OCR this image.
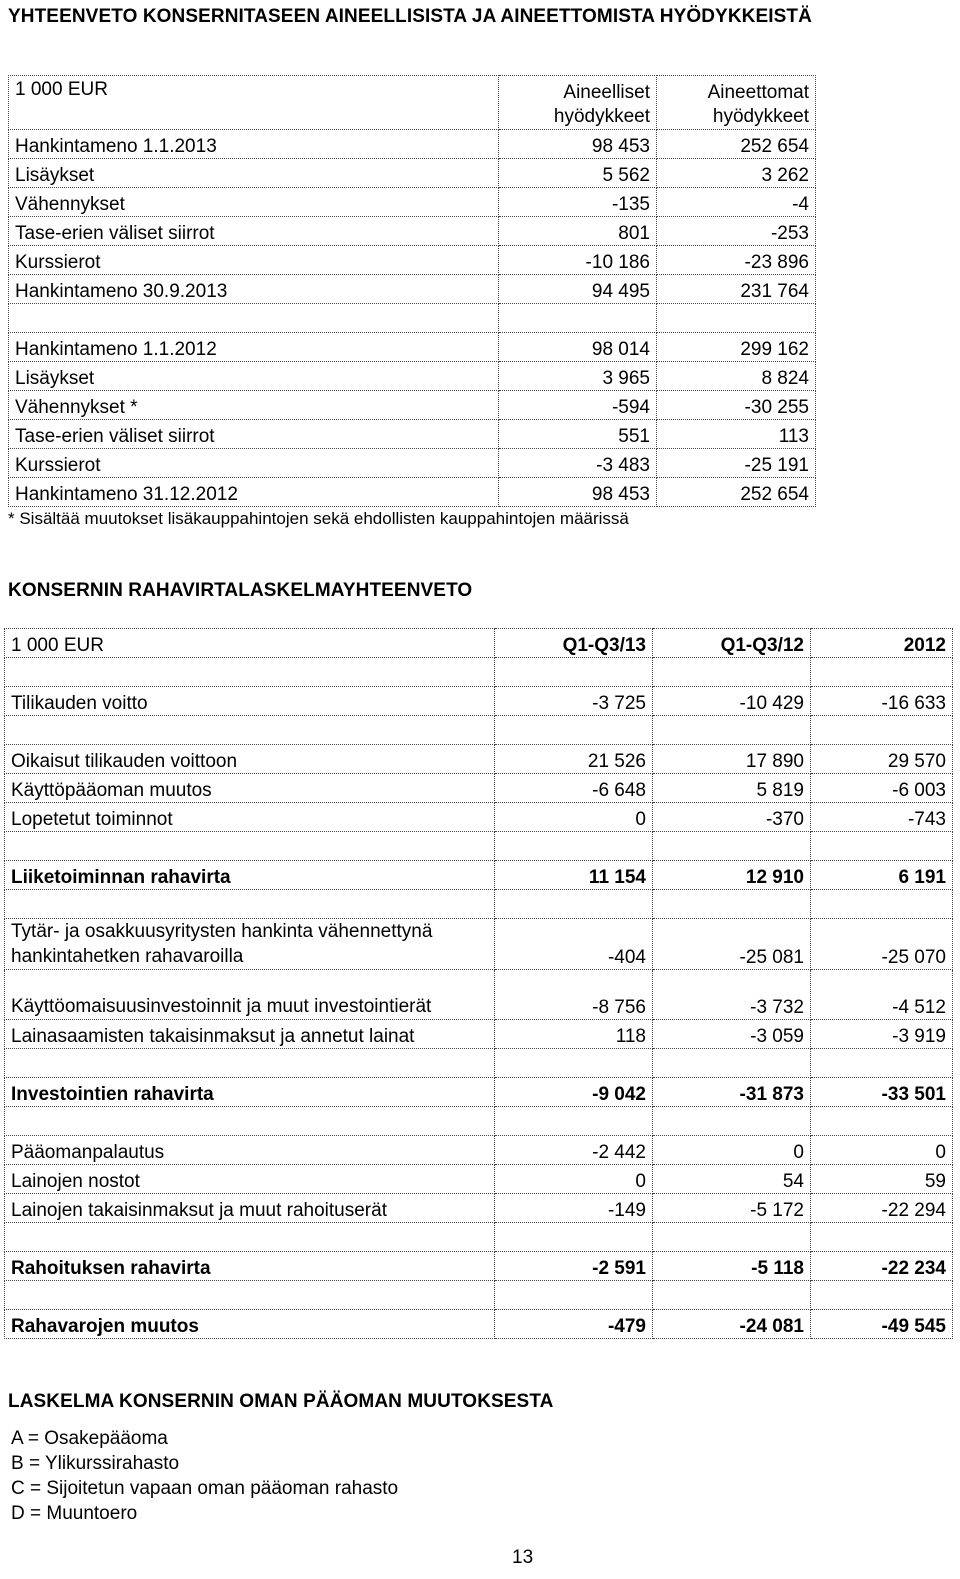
YHTEENVETO KONSERNITASEEN AINEELLISISTA JA AINEETTOMISTA HYÖDYKKEISTÄ
1 000 EUR	Aineelliset hyödykkeet	Aineettomat hyödykkeet
Hankintameno 1.1.2013	98 453	252 654
Lisäykset	5 562	3 262
Vähennykset	-135	-4
Tase-erien väliset siirrot	801	-253
Kurssierot	-10 186	-23 896
Hankintameno 30.9.2013	94 495	231 764

Hankintameno 1.1.2012	98 014	299 162
Lisäykset	3 965	8 824
Vähennykset *	-594	-30 255
Tase-erien väliset siirrot	551	113
Kurssierot	-3 483	-25 191
Hankintameno 31.12.2012	98 453	252 654
* Sisältää muutokset lisäkauppahintojen sekä ehdollisten kauppahintojen määrissä
KONSERNIN RAHAVIRTALASKELMAYHTEENVETO
1 000 EUR	Q1-Q3/13	Q1-Q3/12	2012

Tilikauden voitto	-3 725	-10 429	-16 633

Oikaisut tilikauden voittoon	21 526	17 890	29 570
Käyttöpääoman muutos	-6 648	5 819	-6 003
Lopetetut toiminnot	0	-370	-743

Liiketoiminnan rahavirta	11 154	12 910	6 191

Tytär- ja osakkuusyritysten hankinta vähennettynä hankintahetken rahavaroilla	-404	-25 081	-25 070
Käyttöomaisuusinvestoinnit ja muut investointierät	-8 756	-3 732	-4 512
Lainasaamisten takaisinmaksut ja annetut lainat	118	-3 059	-3 919

Investointien rahavirta	-9 042	-31 873	-33 501

Pääomanpalautus	-2 442	0	0
Lainojen nostot	0	54	59
Lainojen takaisinmaksut ja muut rahoituserät	-149	-5 172	-22 294

Rahoituksen rahavirta	-2 591	-5 118	-22 234

Rahavarojen muutos	-479	-24 081	-49 545
LASKELMA KONSERNIN OMAN PÄÄOMAN MUUTOKSESTA
A = Osakepääoma
B = Ylikurssirahasto
C = Sijoitetun vapaan oman pääoman rahasto
D = Muuntoero
13
